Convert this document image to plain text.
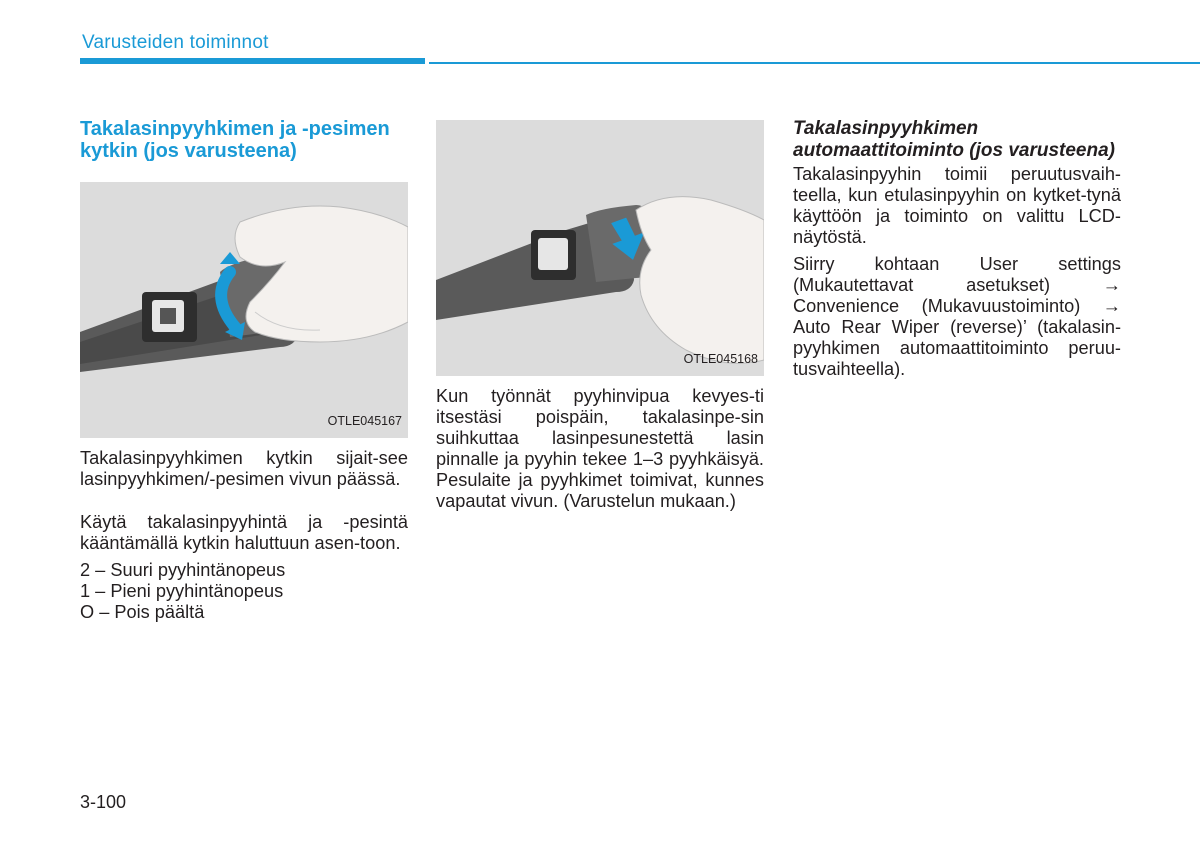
Varusteiden toiminnot
Takalasinpyyhkimen ja -pesimen kytkin (jos varusteena)
OTLE045167

Takalasinpyyhkimen kytkin sijait-see lasinpyyhkimen/-pesimen vivun päässä.

Käytä takalasinpyyhintä ja -pesintä kääntämällä kytkin haluttuun asen-toon.

2 – Suuri pyyhintänopeus

1 – Pieni pyyhintänopeus

O – Pois päältä

OTLE045168

Kun työnnät pyyhinvipua kevyes-ti itsestäsi poispäin, takalasinpe-sin suihkuttaa lasinpesunestettä lasin pinnalle ja pyyhin tekee 1–3 pyyhkäisyä. Pesulaite ja pyyhkimet toimivat, kunnes vapautat vivun. (Varustelun mukaan.)

Takalasinpyyhkimen automaattitoiminto (jos varusteena)

Takalasinpyyhin toimii peruutusvaih-teella, kun etulasinpyyhin on kytket-tynä käyttöön ja toiminto on valittu LCD-näytöstä.

Siirry kohtaan User settings (Mukautettavat asetukset) → Convenience (Mukavuustoiminto) → Auto Rear Wiper (reverse)’ (takalasin-pyyhkimen automaattitoiminto peruu-tusvaihteella).

3-100
